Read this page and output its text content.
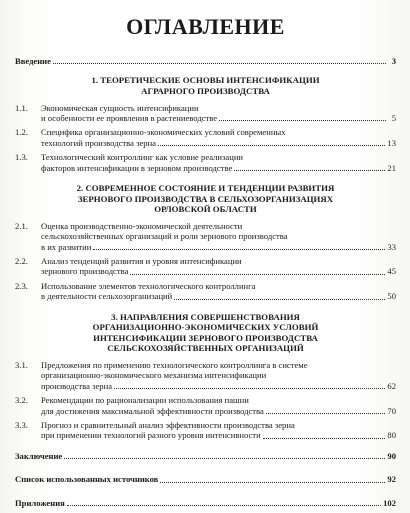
ОГЛАВЛЕНИЕ
Введение	3
1. ТЕОРЕТИЧЕСКИЕ ОСНОВЫ ИНТЕНСИФИКАЦИИ
АГРАРНОГО ПРОИЗВОДСТВА
1.1.	Экономическая сущность интенсификации
и особенности ее проявления в растениеводстве	5
1.2.	Специфика организационно-экономических условий современных
технологий производства зерна	13
1.3.	Технологический контроллинг как условие реализации
факторов интенсификации в зерновом производстве	21
2. СОВРЕМЕННОЕ СОСТОЯНИЕ И ТЕНДЕНЦИИ РАЗВИТИЯ
ЗЕРНОВОГО ПРОИЗВОДСТВА В СЕЛЬХОЗОРГАНИЗАЦИЯХ
ОРЛОВСКОЙ ОБЛАСТИ
2.1.	Оценка производственно-экономической деятельности
сельскохозяйственных организаций и роли зернового производства
в их развитии	33
2.2.	Анализ тенденций развития и уровня интенсификации
зернового производства	45
2.3.	Использование элементов технологического контроллинга
в деятельности сельхозорганизаций	50
3. НАПРАВЛЕНИЯ СОВЕРШЕНСТВОВАНИЯ
ОРГАНИЗАЦИОННО-ЭКОНОМИЧЕСКИХ УСЛОВИЙ
ИНТЕНСИФИКАЦИИ ЗЕРНОВОГО ПРОИЗВОДСТВА
СЕЛЬСКОХОЗЯЙСТВЕННЫХ ОРГАНИЗАЦИЙ
3.1.	Предложения по применению технологического контроллинга в системе
организационно-экономического механизма интенсификации
производства зерна	62
3.2.	Рекомендации по рационализации использования пашни
для достижения максимальной эффективности производства	70
3.3.	Прогноз и сравнительный анализ эффективности производства зерна
при применении технологий разного уровня интенсивности	80
Заключение	90
Список использованных источников	92
Приложения	102
